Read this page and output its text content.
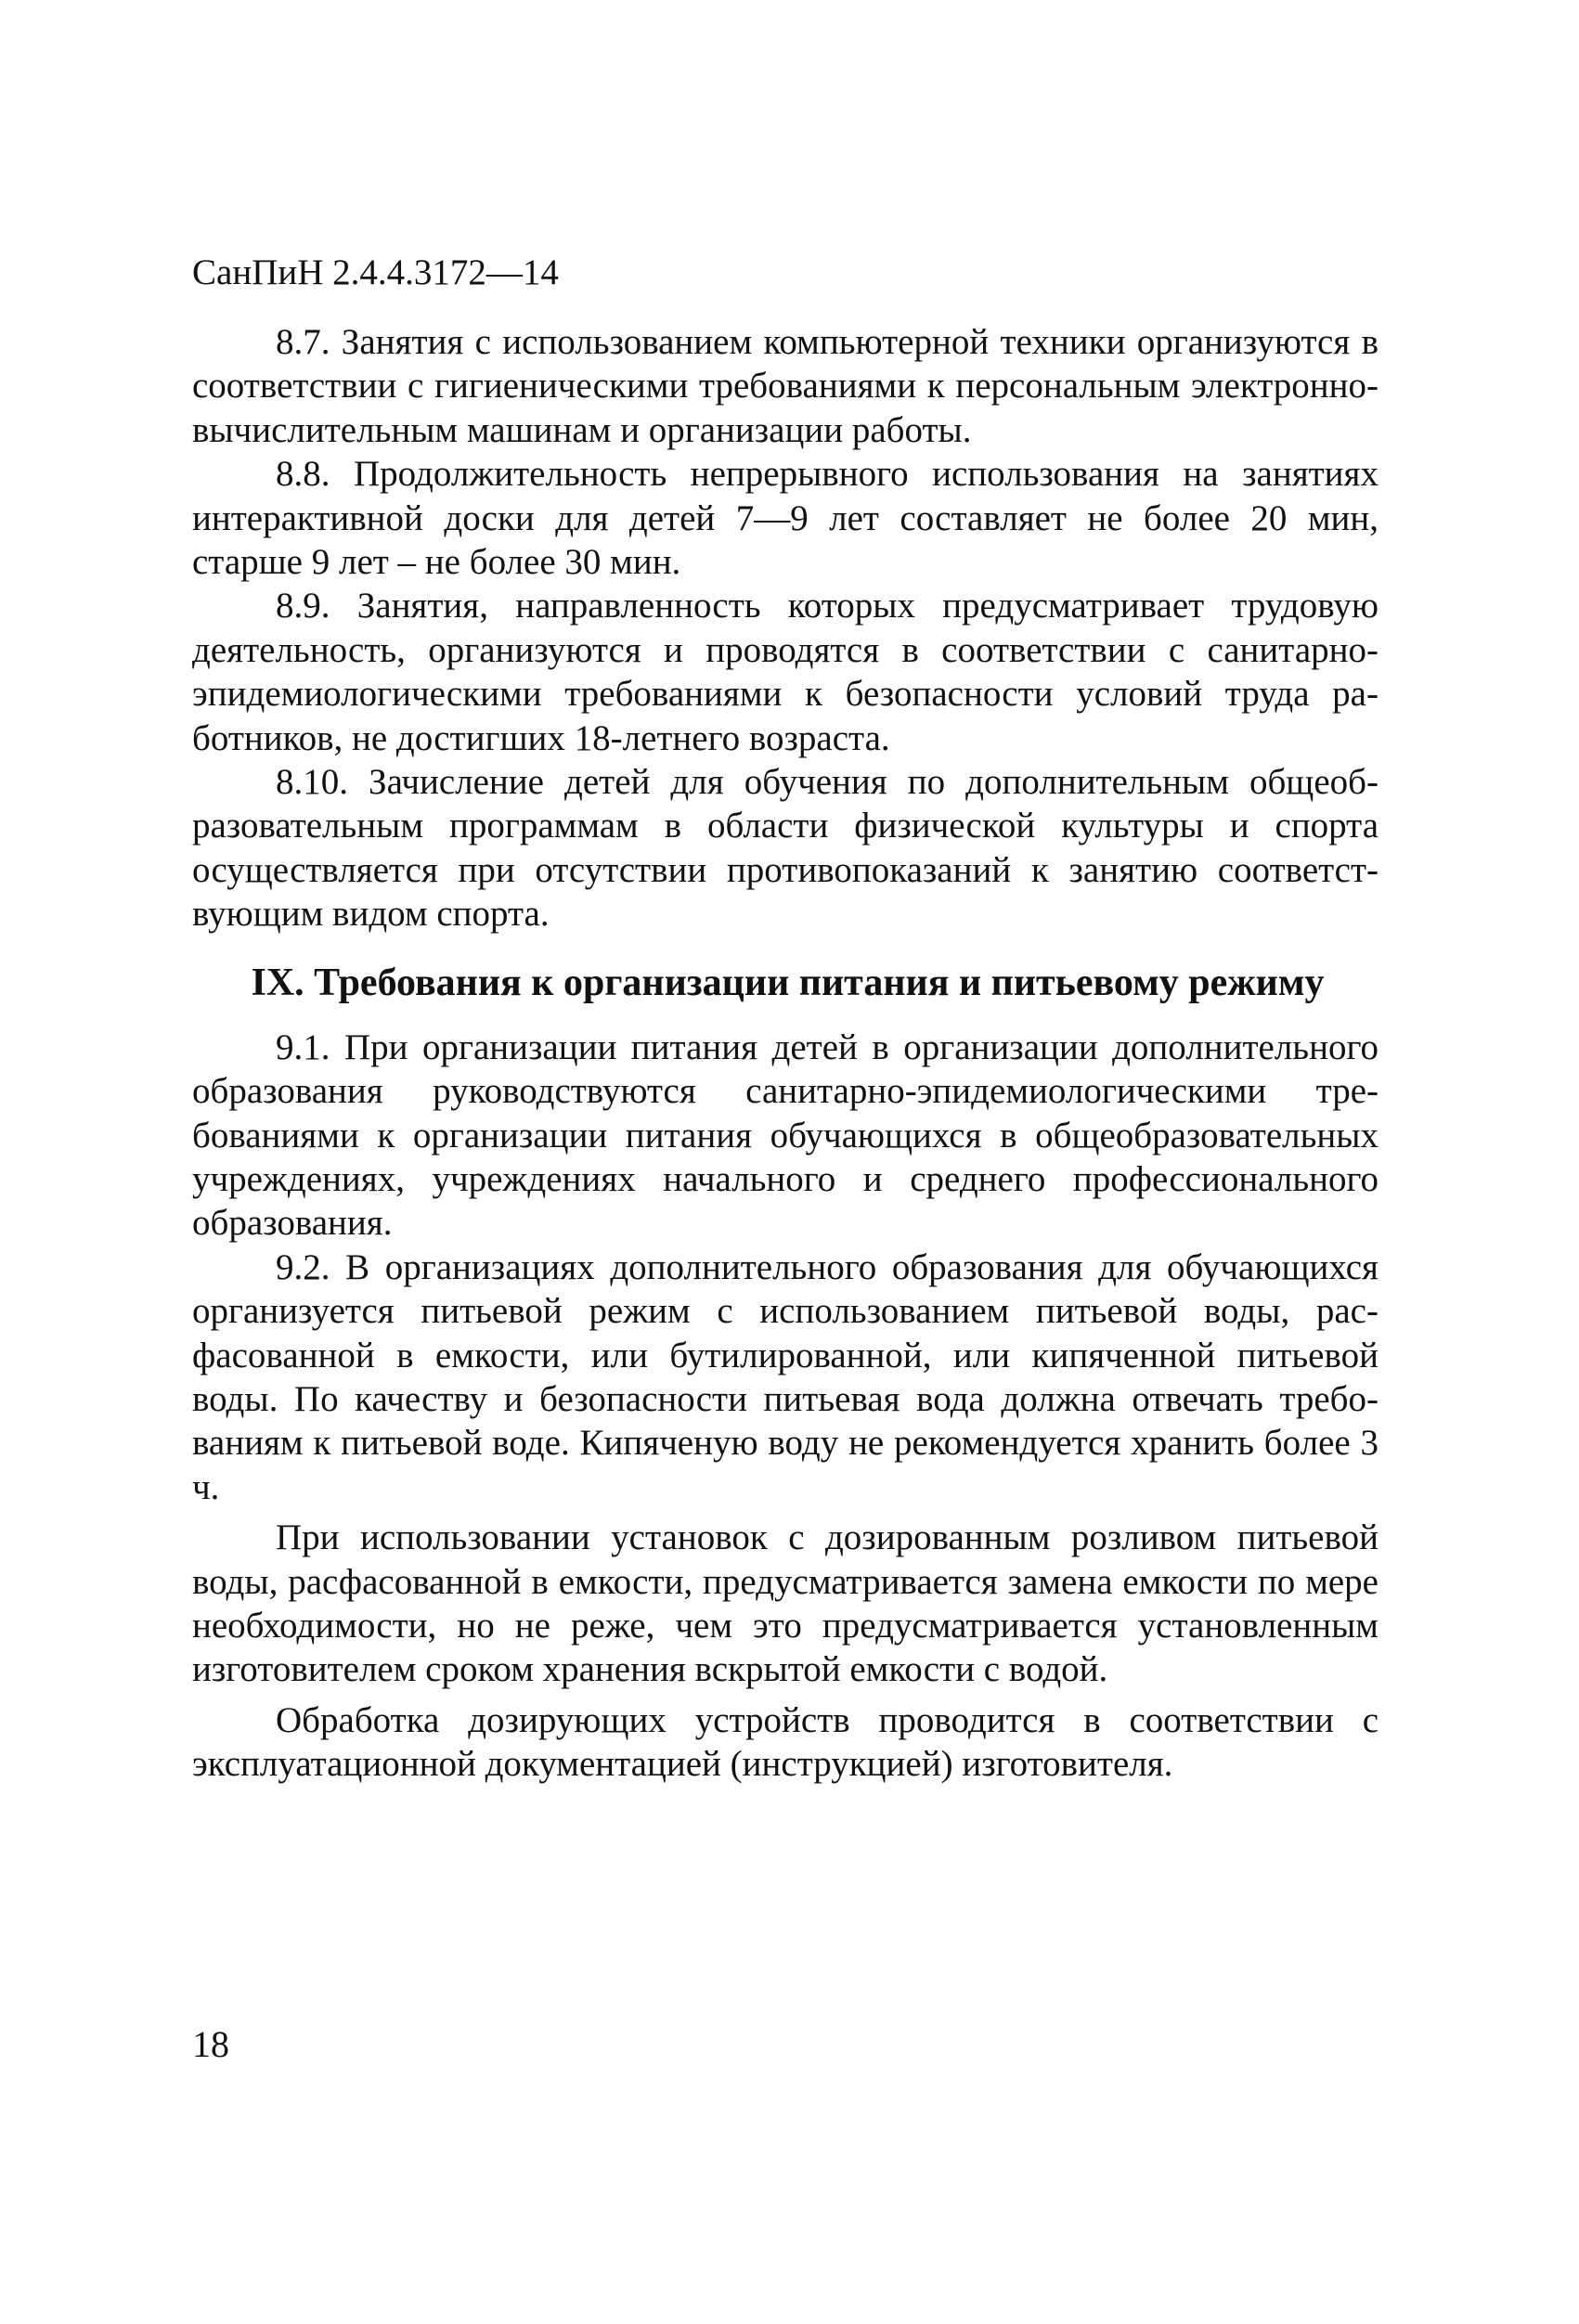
СанПиН 2.4.4.3172—14

8.7. Занятия с использованием компьютерной техники организуются в соответствии с гигиеническими требованиями к персональным электронно-вычислительным машинам и организации работы.

8.8. Продолжительность непрерывного использования на занятиях интерактивной доски для детей 7—9 лет составляет не более 20 мин, старше 9 лет – не более 30 мин.

8.9. Занятия, направленность которых предусматривает трудовую деятельность, организуются и проводятся в соответствии с санитарно-эпидемиологическими требованиями к безопасности условий труда работников, не достигших 18-летнего возраста.

8.10. Зачисление детей для обучения по дополнительным общеобразовательным программам в области физической культуры и спорта осуществляется при отсутствии противопоказаний к занятию соответствующим видом спорта.

IX. Требования к организации питания и питьевому режиму

9.1. При организации питания детей в организации дополнительного образования руководствуются санитарно-эпидемиологическими требованиями к организации питания обучающихся в общеобразовательных учреждениях, учреждениях начального и среднего профессионального образования.

9.2. В организациях дополнительного образования для обучающихся организуется питьевой режим с использованием питьевой воды, расфасованной в емкости, или бутилированной, или кипяченной питьевой воды. По качеству и безопасности питьевая вода должна отвечать требованиям к питьевой воде. Кипяченую воду не рекомендуется хранить более 3 ч.

При использовании установок с дозированным розливом питьевой воды, расфасованной в емкости, предусматривается замена емкости по мере необходимости, но не реже, чем это предусматривается установленным изготовителем сроком хранения вскрытой емкости с водой.

Обработка дозирующих устройств проводится в соответствии с эксплуатационной документацией (инструкцией) изготовителя.

18
